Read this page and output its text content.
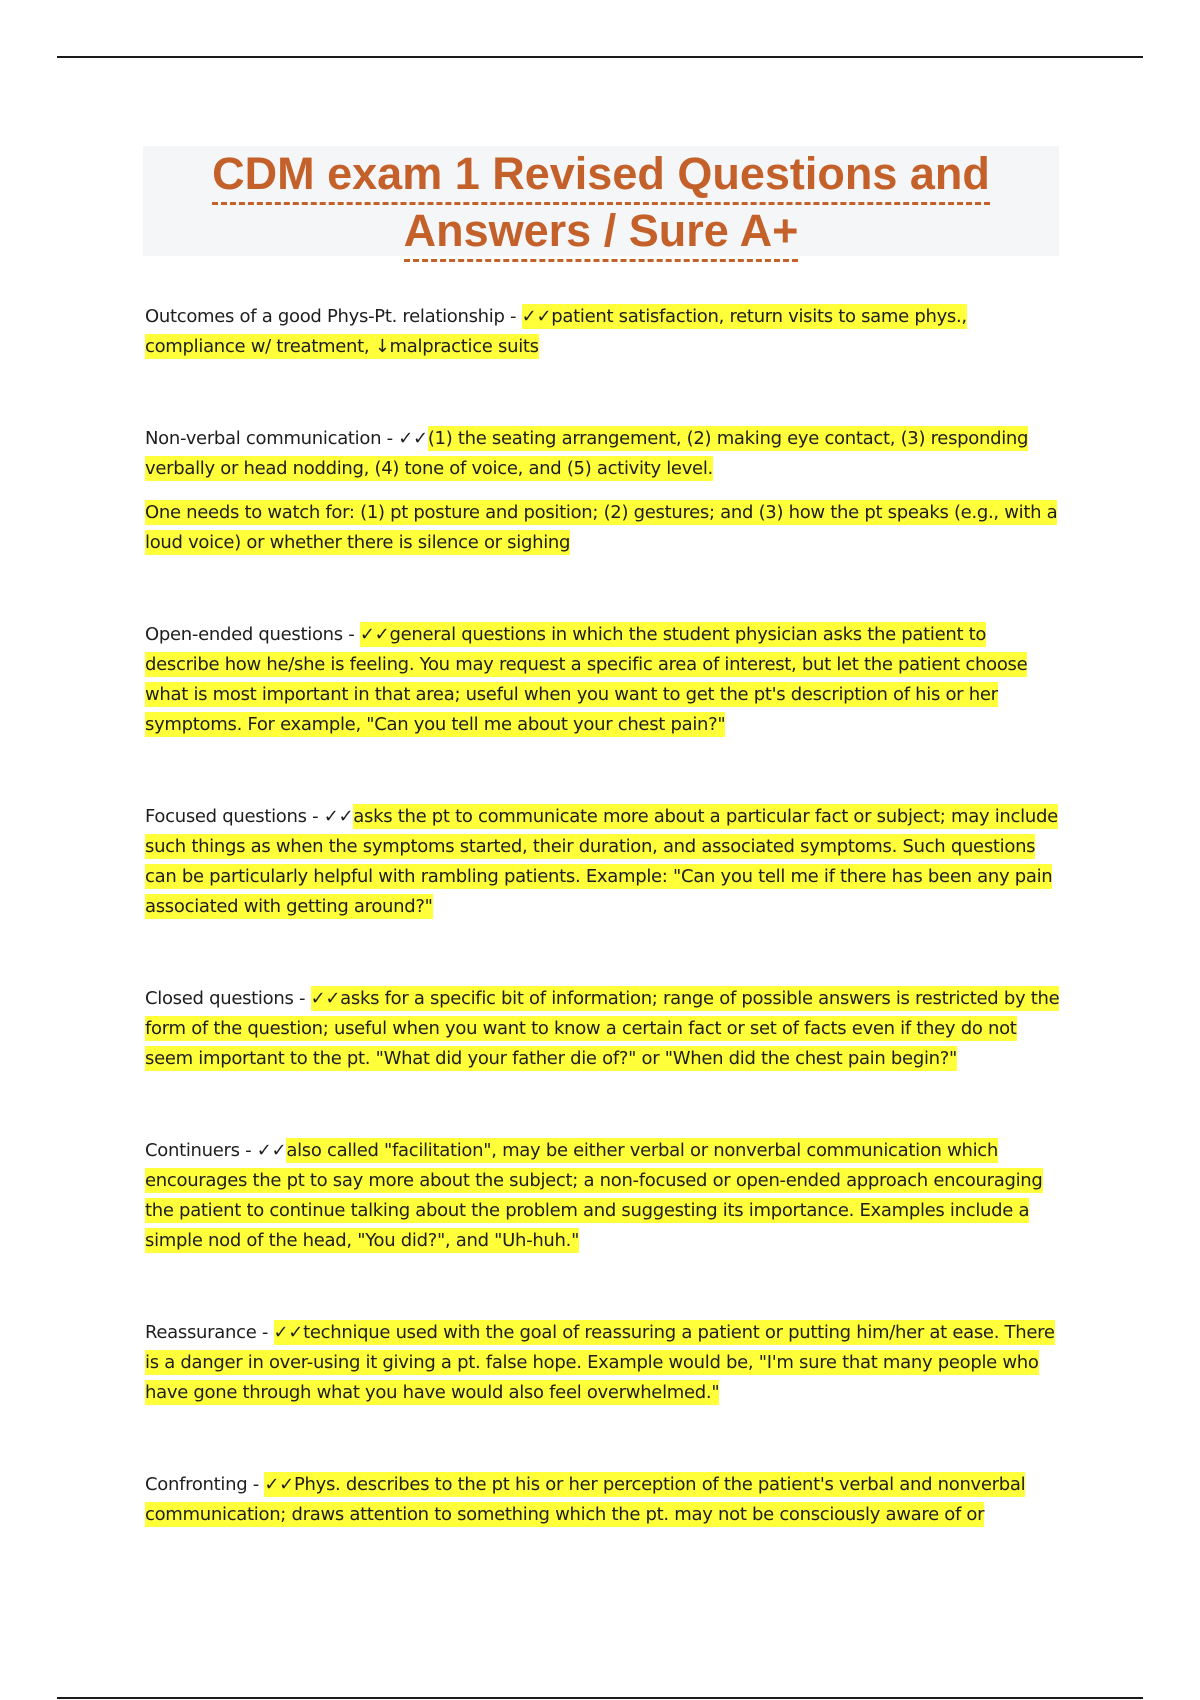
CDM exam 1 Revised Questions and
Answers / Sure A+

Outcomes of a good Phys-Pt. relationship - ✓✓patient satisfaction, return visits to same phys., compliance w/ treatment, ↓malpractice suits

Non-verbal communication - ✓✓(1) the seating arrangement, (2) making eye contact, (3) responding verbally or head nodding, (4) tone of voice, and (5) activity level.

One needs to watch for: (1) pt posture and position; (2) gestures; and (3) how the pt speaks (e.g., with a loud voice) or whether there is silence or sighing

Open-ended questions - ✓✓general questions in which the student physician asks the patient to describe how he/she is feeling. You may request a specific area of interest, but let the patient choose what is most important in that area; useful when you want to get the pt's description of his or her symptoms. For example, "Can you tell me about your chest pain?"

Focused questions - ✓✓asks the pt to communicate more about a particular fact or subject; may include such things as when the symptoms started, their duration, and associated symptoms. Such questions can be particularly helpful with rambling patients. Example: "Can you tell me if there has been any pain associated with getting around?"

Closed questions - ✓✓asks for a specific bit of information; range of possible answers is restricted by the form of the question; useful when you want to know a certain fact or set of facts even if they do not seem important to the pt. "What did your father die of?" or "When did the chest pain begin?"

Continuers - ✓✓also called "facilitation", may be either verbal or nonverbal communication which encourages the pt to say more about the subject; a non-focused or open-ended approach encouraging the patient to continue talking about the problem and suggesting its importance. Examples include a simple nod of the head, "You did?", and "Uh-huh."

Reassurance - ✓✓technique used with the goal of reassuring a patient or putting him/her at ease. There is a danger in over-using it giving a pt. false hope. Example would be, "I'm sure that many people who have gone through what you have would also feel overwhelmed."

Confronting - ✓✓Phys. describes to the pt his or her perception of the patient's verbal and nonverbal communication; draws attention to something which the pt. may not be consciously aware of or
